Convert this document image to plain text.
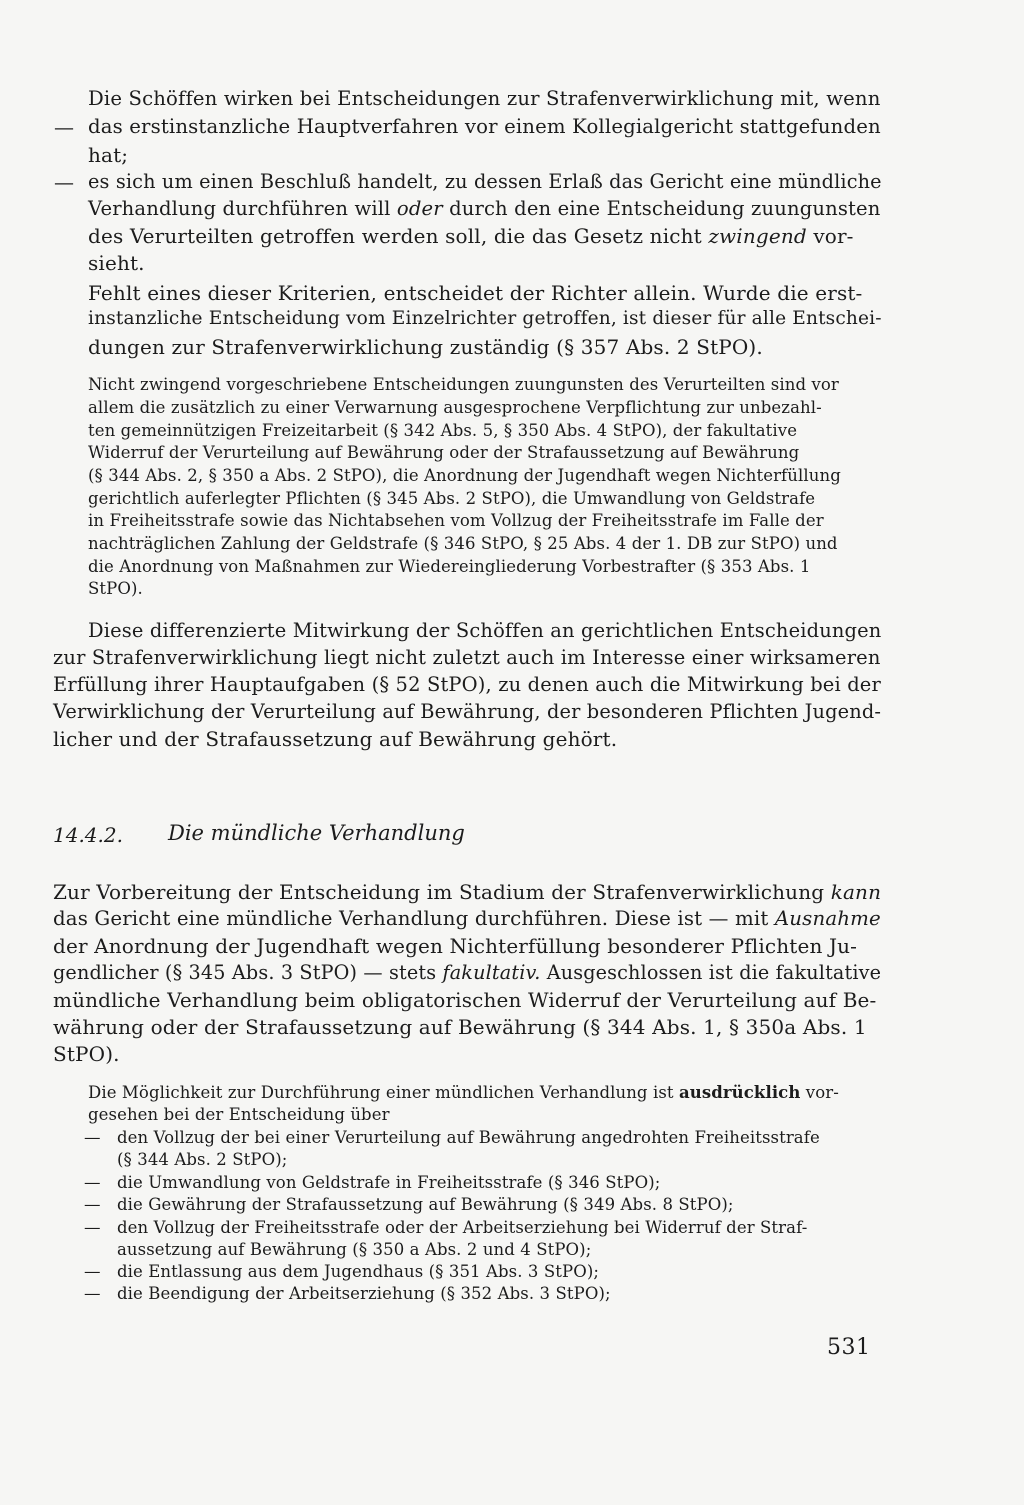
Die Schöffen wirken bei Entscheidungen zur Strafenverwirklichung mit, wenn
— das erstinstanzliche Hauptverfahren vor einem Kollegialgericht stattgefunden
hat;
— es sich um einen Beschluß handelt, zu dessen Erlaß das Gericht eine mündliche
Verhandlung durchführen will oder durch den eine Entscheidung zuungunsten
des Verurteilten getroffen werden soll, die das Gesetz nicht zwingend vor-
sieht.
Fehlt eines dieser Kriterien, entscheidet der Richter allein. Wurde die erst-
instanzliche Entscheidung vom Einzelrichter getroffen, ist dieser für alle Entschei-
dungen zur Strafenverwirklichung zuständig (§ 357 Abs. 2 StPO).
Nicht zwingend vorgeschriebene Entscheidungen zuungunsten des Verurteilten sind vor
allem die zusätzlich zu einer Verwarnung ausgesprochene Verpflichtung zur unbezahl-
ten gemeinnützigen Freizeitarbeit (§ 342 Abs. 5, § 350 Abs. 4 StPO), der fakultative
Widerruf der Verurteilung auf Bewährung oder der Strafaussetzung auf Bewährung
(§ 344 Abs. 2, § 350 a Abs. 2 StPO), die Anordnung der Jugendhaft wegen Nichterfüllung
gerichtlich auferlegter Pflichten (§ 345 Abs. 2 StPO), die Umwandlung von Geldstrafe
in Freiheitsstrafe sowie das Nichtabsehen vom Vollzug der Freiheitsstrafe im Falle der
nachträglichen Zahlung der Geldstrafe (§ 346 StPO, § 25 Abs. 4 der 1. DB zur StPO) und
die Anordnung von Maßnahmen zur Wiedereingliederung Vorbestrafter (§ 353 Abs. 1
StPO).
Diese differenzierte Mitwirkung der Schöffen an gerichtlichen Entscheidungen
zur Strafenverwirklichung liegt nicht zuletzt auch im Interesse einer wirksameren
Erfüllung ihrer Hauptaufgaben (§ 52 StPO), zu denen auch die Mitwirkung bei der
Verwirklichung der Verurteilung auf Bewährung, der besonderen Pflichten Jugend-
licher und der Strafaussetzung auf Bewährung gehört.
14.4.2. Die mündliche Verhandlung
Zur Vorbereitung der Entscheidung im Stadium der Strafenverwirklichung kann
das Gericht eine mündliche Verhandlung durchführen. Diese ist — mit Ausnahme
der Anordnung der Jugendhaft wegen Nichterfüllung besonderer Pflichten Ju-
gendlicher (§ 345 Abs. 3 StPO) — stets fakultativ. Ausgeschlossen ist die fakultative
mündliche Verhandlung beim obligatorischen Widerruf der Verurteilung auf Be-
währung oder der Strafaussetzung auf Bewährung (§ 344 Abs. 1, § 350a Abs. 1
StPO).
Die Möglichkeit zur Durchführung einer mündlichen Verhandlung ist ausdrücklich vor-
gesehen bei der Entscheidung über
— den Vollzug der bei einer Verurteilung auf Bewährung angedrohten Freiheitsstrafe
(§ 344 Abs. 2 StPO);
— die Umwandlung von Geldstrafe in Freiheitsstrafe (§ 346 StPO);
— die Gewährung der Strafaussetzung auf Bewährung (§ 349 Abs. 8 StPO);
— den Vollzug der Freiheitsstrafe oder der Arbeitserziehung bei Widerruf der Straf-
aussetzung auf Bewährung (§ 350 a Abs. 2 und 4 StPO);
— die Entlassung aus dem Jugendhaus (§ 351 Abs. 3 StPO);
— die Beendigung der Arbeitserziehung (§ 352 Abs. 3 StPO);
531
